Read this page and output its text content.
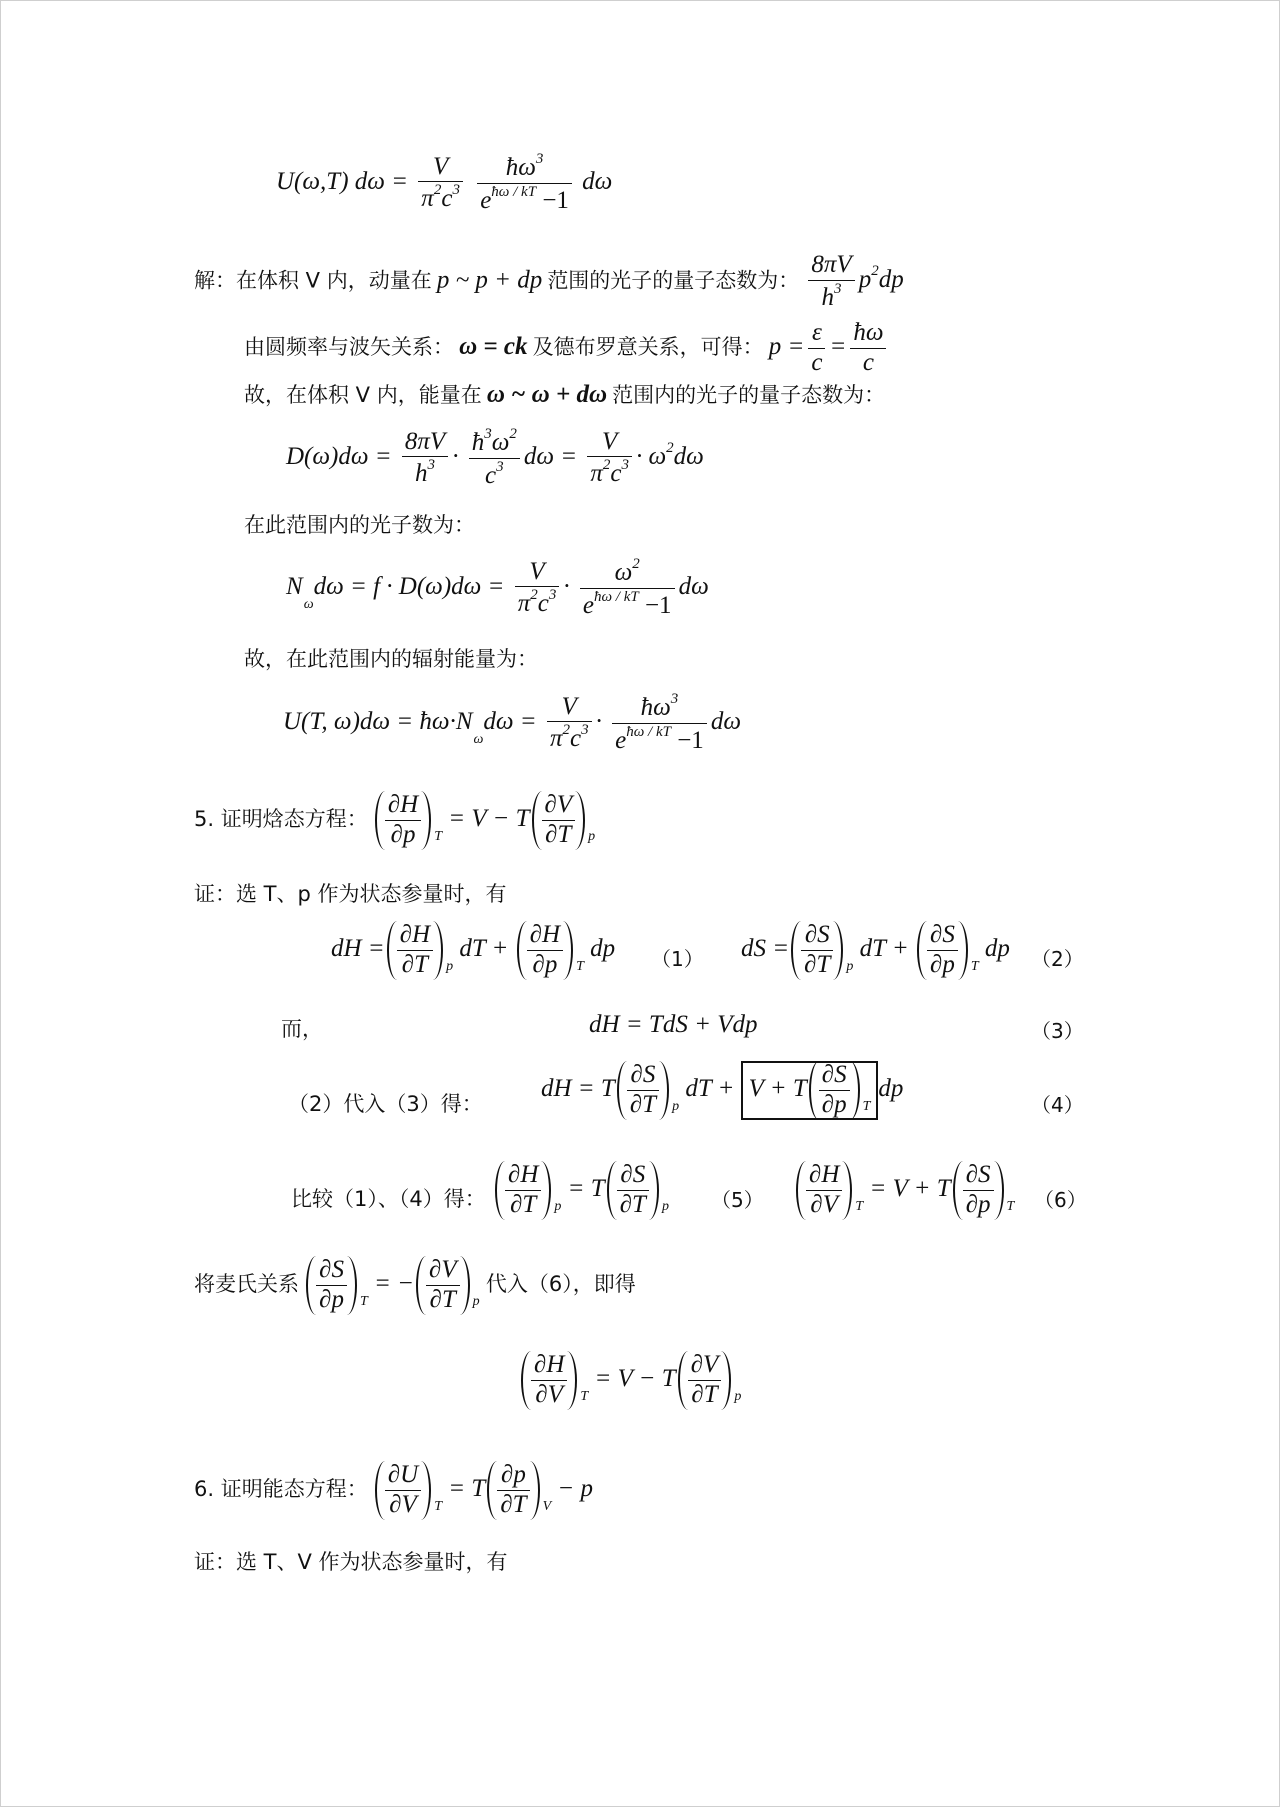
U(ω,T) $d\omega = \frac{V}{\pi^2c^3}$
$\frac{ħ\omega^3}{e^{ħ\omega / kT} -1}$ dω
解：在体积 V 内，动量在 p ~ p + dp 范围的光子的量子态数为： $\frac{8\pi V}{h^3} p^2dp$
由圆频率与波矢关系： ω = ck 及德布罗意关系，可得： $p = \frac{\varepsilon}{c} = \frac{ħ\omega}{c}$
故，在体积 V 内，能量在 ω ~ ω + dω 范围内的光子的量子态数为：
$D(\omega)d\omega = \frac{8\pi V}{h^3} \cdot \frac{ħ^3\omega^2}{c^3}$ $d\omega = \frac{V}{\pi^2c^3} \cdot \omega^2d\omega$
在此范围内的光子数为：
$N_\omega d\omega = f \cdot D(\omega)d\omega = \frac{V}{\pi^2c^3} \cdot \frac{\omega^2}{e^{ħ\omega / kT} -1}$ dω
故，在此范围内的辐射能量为：
U(T, $\omega)d\omega = ħ\omega\cdot N_\omega d\omega = \frac{V}{\pi^2c^3} \cdot \frac{ħ\omega^3}{e^{ħ\omega / kT} -1}$ dω
5. 证明焓态方程： $\frac{\partial H}{\partial p} _T = V - T \frac{\partial V}{\partial T} _p$
证：选 T、p 作为状态参量时，有
dH = $\frac{\partial H}{\partial T} _p$ dT + $\frac{\partial H}{\partial p} _T$ dp （1） dS = $\frac{\partial S}{\partial T} _p$ dT + $\frac{\partial S}{\partial p} _T$ dp （2）
而，	dH = TdS + Vdp	（3）
（2）代入（3）得：
dH = T $\frac{\partial S}{\partial T} _p$ dT + V + T $\frac{\partial S}{\partial p} _Tdp$
（4）
比较（1）、（4）得： $\frac{\partial H}{\partial T} _p = T \frac{\partial S}{\partial T} _p$ $(5) \frac{\partial H}{\partial V} _T = V + T \frac{\partial S}{\partial p} _T$ （6）
将麦氏关系 $\frac{\partial S}{\partial p} _T$ = − $\frac{\partial V}{\partial T} _p$ 代入（6），即得
$\frac{\partial H}{\partial V} _T = V - T \frac{\partial V}{\partial T} _p$
6. 证明能态方程： $\frac{\partial U}{\partial V} _T = T \frac{\partial p}{\partial T} _V - p$
证：选 T、V 作为状态参量时，有
